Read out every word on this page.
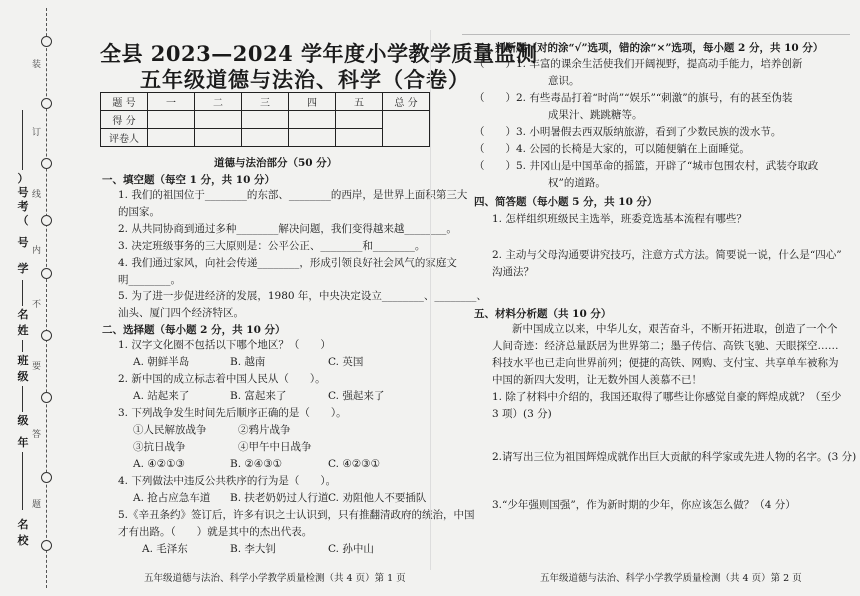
）
号
考
（
号
学
名
姓
班
级
级
年
名
校
装
订
线
内
不
要
答
题
全县 2023—2024 学年度小学教学质量监测
五年级道德与法治、科学（合卷）
题 号	一	二	三	四	五	总 分
得 分						
评卷人						
道德与法治部分（50 分）
一、填空题（每空 1 分，共 10 分）
1. 我们的祖国位于________的东部、________的西岸，是世界上面积第三大
的国家。
2. 从共同协商到通过多种________解决问题，我们变得越来越________。
3. 决定班级事务的三大原则是：公平公正、________和________。
4. 我们通过家风，向社会传递________，形成引领良好社会风气的家庭文
明________。
5. 为了进一步促进经济的发展，1980 年，中央决定设立________、________、
汕头、厦门四个经济特区。
二、选择题（每小题 2 分，共 10 分）
1. 汉字文化圈不包括以下哪个地区？（　　）
A. 朝鲜半岛	B. 越南	C. 英国
2. 新中国的成立标志着中国人民从（　　）。
A. 站起来了	B. 富起来了	C. 强起来了
3. 下列战争发生时间先后顺序正确的是（　　）。
①人民解放战争	②鸦片战争
③抗日战争	④甲午中日战争
A. ④②①③	B. ②④③①	C. ④②③①
4. 下列做法中违反公共秩序的行为是（　　）。
A. 抢占应急车道 B. 扶老奶奶过人行道 C. 劝阻他人不要插队
5.《辛丑条约》签订后，许多有识之士认识到，只有推翻清政府的统治，中国
才有出路。（　　）就是其中的杰出代表。
A. 毛泽东	B. 李大钊	C. 孙中山
五年级道德与法治、科学小学教学质量检测（共 4 页）第 1 页
三、判断题（对的涂“√”选项，错的涂“×”选项，每小题 2 分，共 10 分）
（　　）1. 丰富的课余生活使我们开阔视野，提高动手能力，培养创新
意识。
（　　）2. 有些毒品打着“时尚”“娱乐”“刺激”的旗号，有的甚至伪装
成果汁、跳跳糖等。
（　　）3. 小明暑假去西双版纳旅游，看到了少数民族的泼水节。
（　　）4. 公园的长椅是大家的，可以随便躺在上面睡觉。
（　　）5. 井冈山是中国革命的摇篮，开辟了“城市包围农村，武装夺取政
权”的道路。
四、简答题（每小题 5 分，共 10 分）
1. 怎样组织班级民主选举，班委竞选基本流程有哪些？
2. 主动与父母沟通要讲究技巧，注意方式方法。简要说一说，什么是“四心”
沟通法？
五、材料分析题（共 10 分）
新中国成立以来，中华儿女，艰苦奋斗，不断开拓进取，创造了一个个
人间奇迹：经济总量跃居为世界第二；墨子传信、高铁飞驰、天眼探空……
科技水平也已走向世界前列；便捷的高铁、网购、支付宝、共享单车被称为
中国的新四大发明，让无数外国人羡慕不已！
1. 除了材料中介绍的，我国还取得了哪些让你感觉自豪的辉煌成就？（至少
3 项）(3 分)
2.请写出三位为祖国辉煌成就作出巨大贡献的科学家或先进人物的名字。(3 分)
3.“少年强则国强”，作为新时期的少年，你应该怎么做？（4 分）
五年级道德与法治、科学小学教学质量检测（共 4 页）第 2 页
